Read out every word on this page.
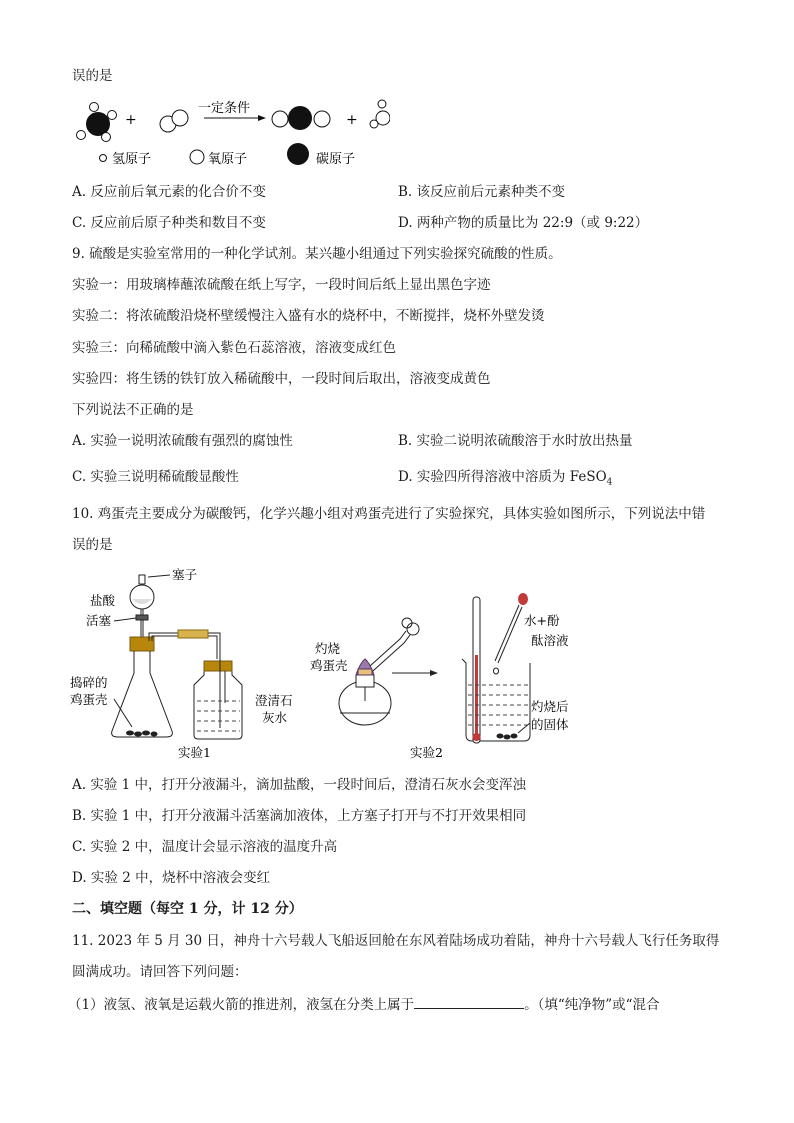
误的是
+
一定条件
+
氢原子	氧原子	碳原子
A. 反应前后氧元素的化合价不变	B. 该反应前后元素种类不变
C. 反应前后原子种类和数目不变	D. 两种产物的质量比为 22:9（或 9:22）
9. 硫酸是实验室常用的一种化学试剂。某兴趣小组通过下列实验探究硫酸的性质。
实验一：用玻璃棒蘸浓硫酸在纸上写字，一段时间后纸上显出黑色字迹
实验二：将浓硫酸沿烧杯壁缓慢注入盛有水的烧杯中，不断搅拌，烧杯外壁发烫
实验三：向稀硫酸中滴入紫色石蕊溶液，溶液变成红色
实验四：将生锈的铁钉放入稀硫酸中，一段时间后取出，溶液变成黄色
下列说法不正确的是
A. 实验一说明浓硫酸有强烈的腐蚀性	B. 实验二说明浓硫酸溶于水时放出热量
C. 实验三说明稀硫酸显酸性	D. 实验四所得溶液中溶质为 FeSO$_4$
10. 鸡蛋壳主要成分为碳酸钙，化学兴趣小组对鸡蛋壳进行了实验探究，具体实验如图所示，下列说法中错
误的是
塞子
盐酸
活塞
捣碎的
鸡蛋壳	澄清石
灰水
实验1
灼烧
鸡蛋壳
水+酚
酞溶液
灼烧后
的固体
实验2
A. 实验 1 中，打开分液漏斗，滴加盐酸，一段时间后，澄清石灰水会变浑浊
B. 实验 1 中，打开分液漏斗活塞滴加液体，上方塞子打开与不打开效果相同
C. 实验 2 中，温度计会显示溶液的温度升高
D. 实验 2 中，烧杯中溶液会变红
二、填空题（每空 1 分，计 12 分）
11. 2023 年 5 月 30 日，神舟十六号载人飞船返回舱在东风着陆场成功着陆，神舟十六号载人飞行任务取得
圆满成功。请回答下列问题：
（1）液氢、液氧是运载火箭的推进剂，液氢在分类上属于	。（填“纯净物”或“混合
